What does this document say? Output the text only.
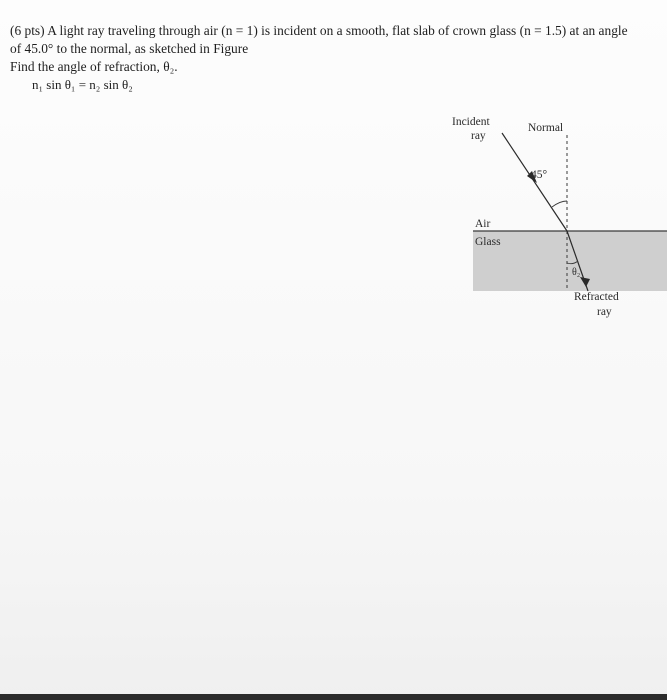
(6 pts) A light ray traveling through air (n = 1) is incident on a smooth, flat slab of crown glass (n = 1.5) at an angle of 45.0° to the normal, as sketched in Figure

Find the angle of refraction, θ₂.

n₁ sin θ₁ = n₂ sin θ₂

Incident
ray
Normal
45°
Air
Glass
θ₂
Refracted
ray
